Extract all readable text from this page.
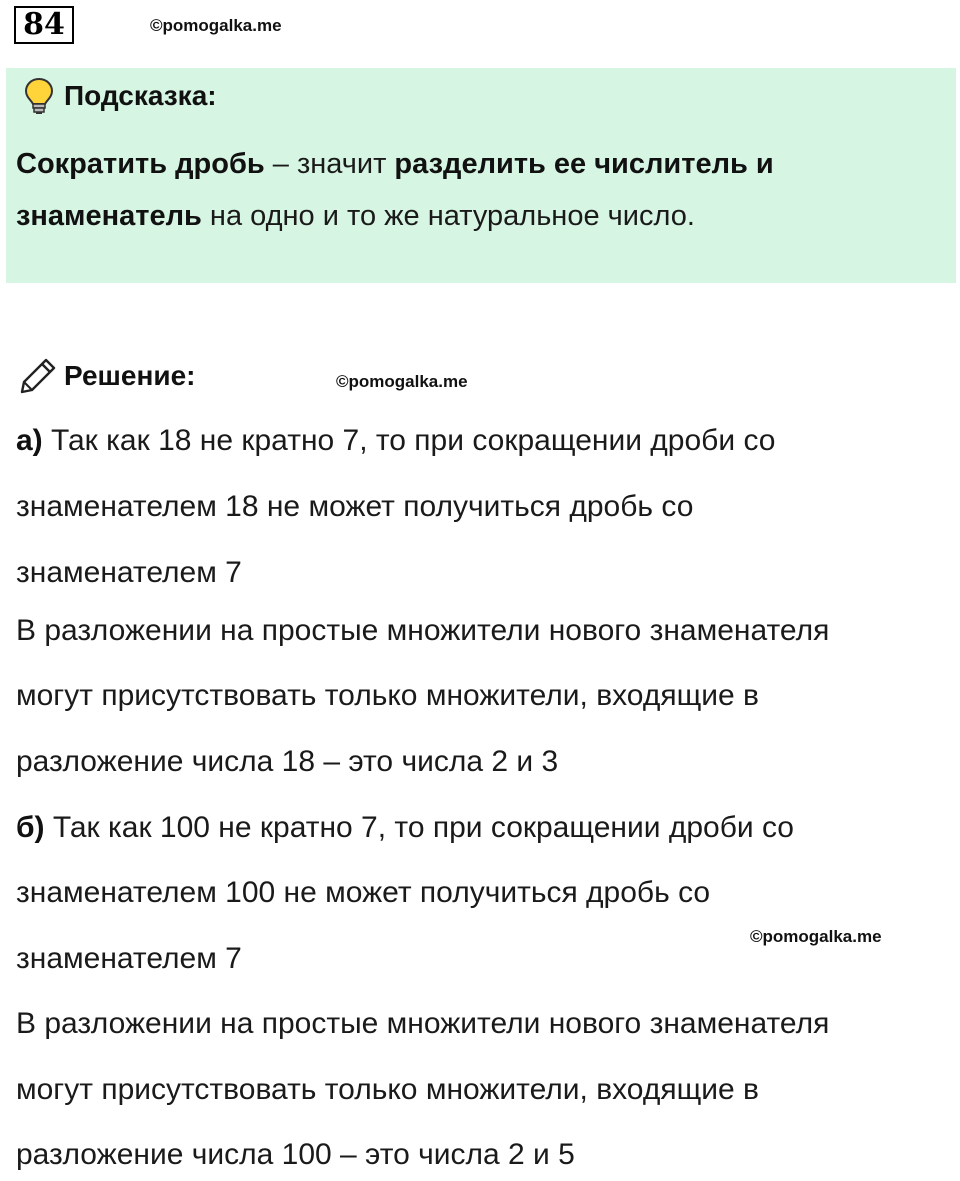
84	©pomogalka.me
Подсказка:
Сократить дробь – значит разделить ее числитель и знаменатель на одно и то же натуральное число.
Решение:	©pomogalka.me
а) Так как 18 не кратно 7, то при сокращении дроби со
знаменателем 18 не может получиться дробь со
знаменателем 7
В разложении на простые множители нового знаменателя
могут присутствовать только множители, входящие в
разложение числа 18 – это числа 2 и 3
б) Так как 100 не кратно 7, то при сокращении дроби со
знаменателем 100 не может получиться дробь со
©pomogalka.me
знаменателем 7
В разложении на простые множители нового знаменателя
могут присутствовать только множители, входящие в
разложение числа 100 – это числа 2 и 5
